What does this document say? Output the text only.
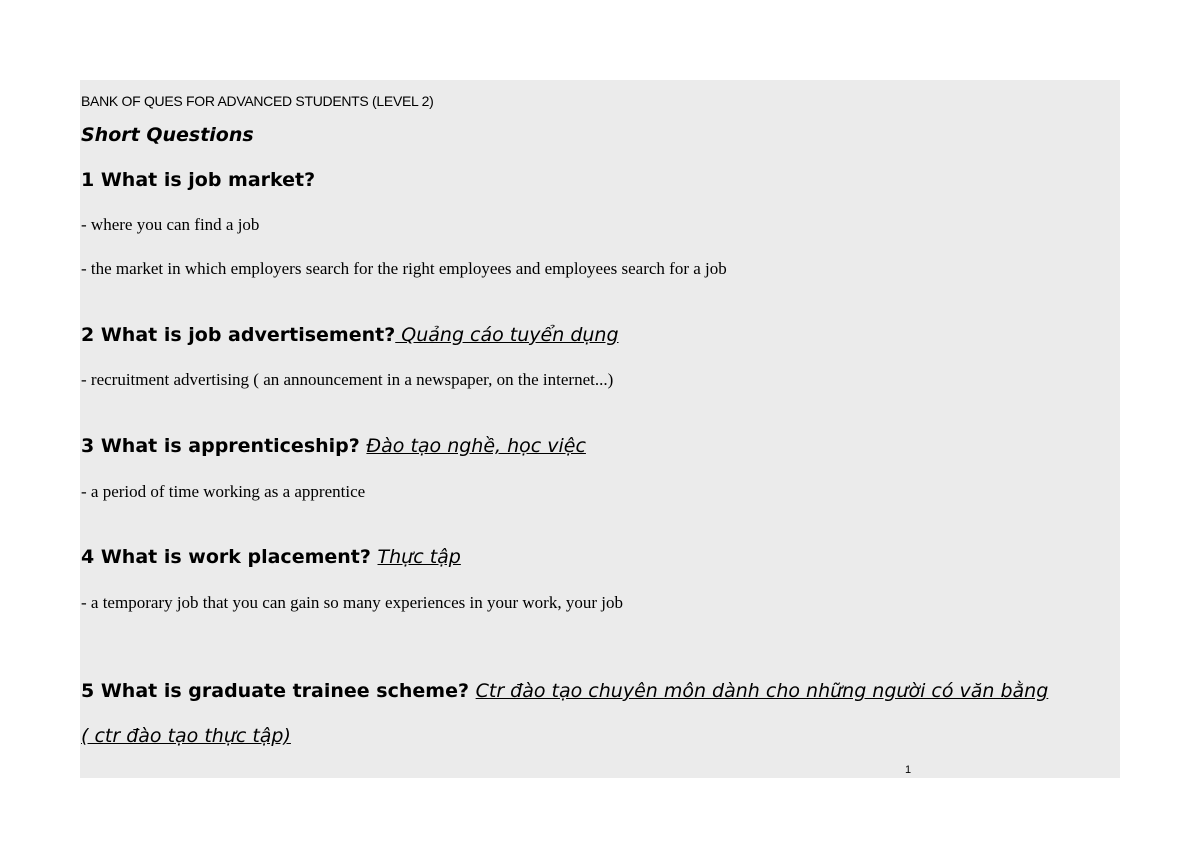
BANK OF QUES FOR ADVANCED STUDENTS (LEVEL 2)
Short Questions
1 What is job market?
- where you can find a job
- the market in which employers search for the right employees and employees search for a job
2 What is job advertisement? Quảng cáo tuyển dụng
- recruitment advertising ( an announcement in a newspaper, on the internet...)
3 What is apprenticeship? Đào tạo nghề, học việc
- a period of time working as a apprentice
4 What is work placement? Thực tập
- a temporary job that you can gain so many experiences in your work, your job
5 What is graduate trainee scheme? Ctr đào tạo chuyên môn dành cho những người có văn bằng
( ctr đào tạo thực tập)
1
